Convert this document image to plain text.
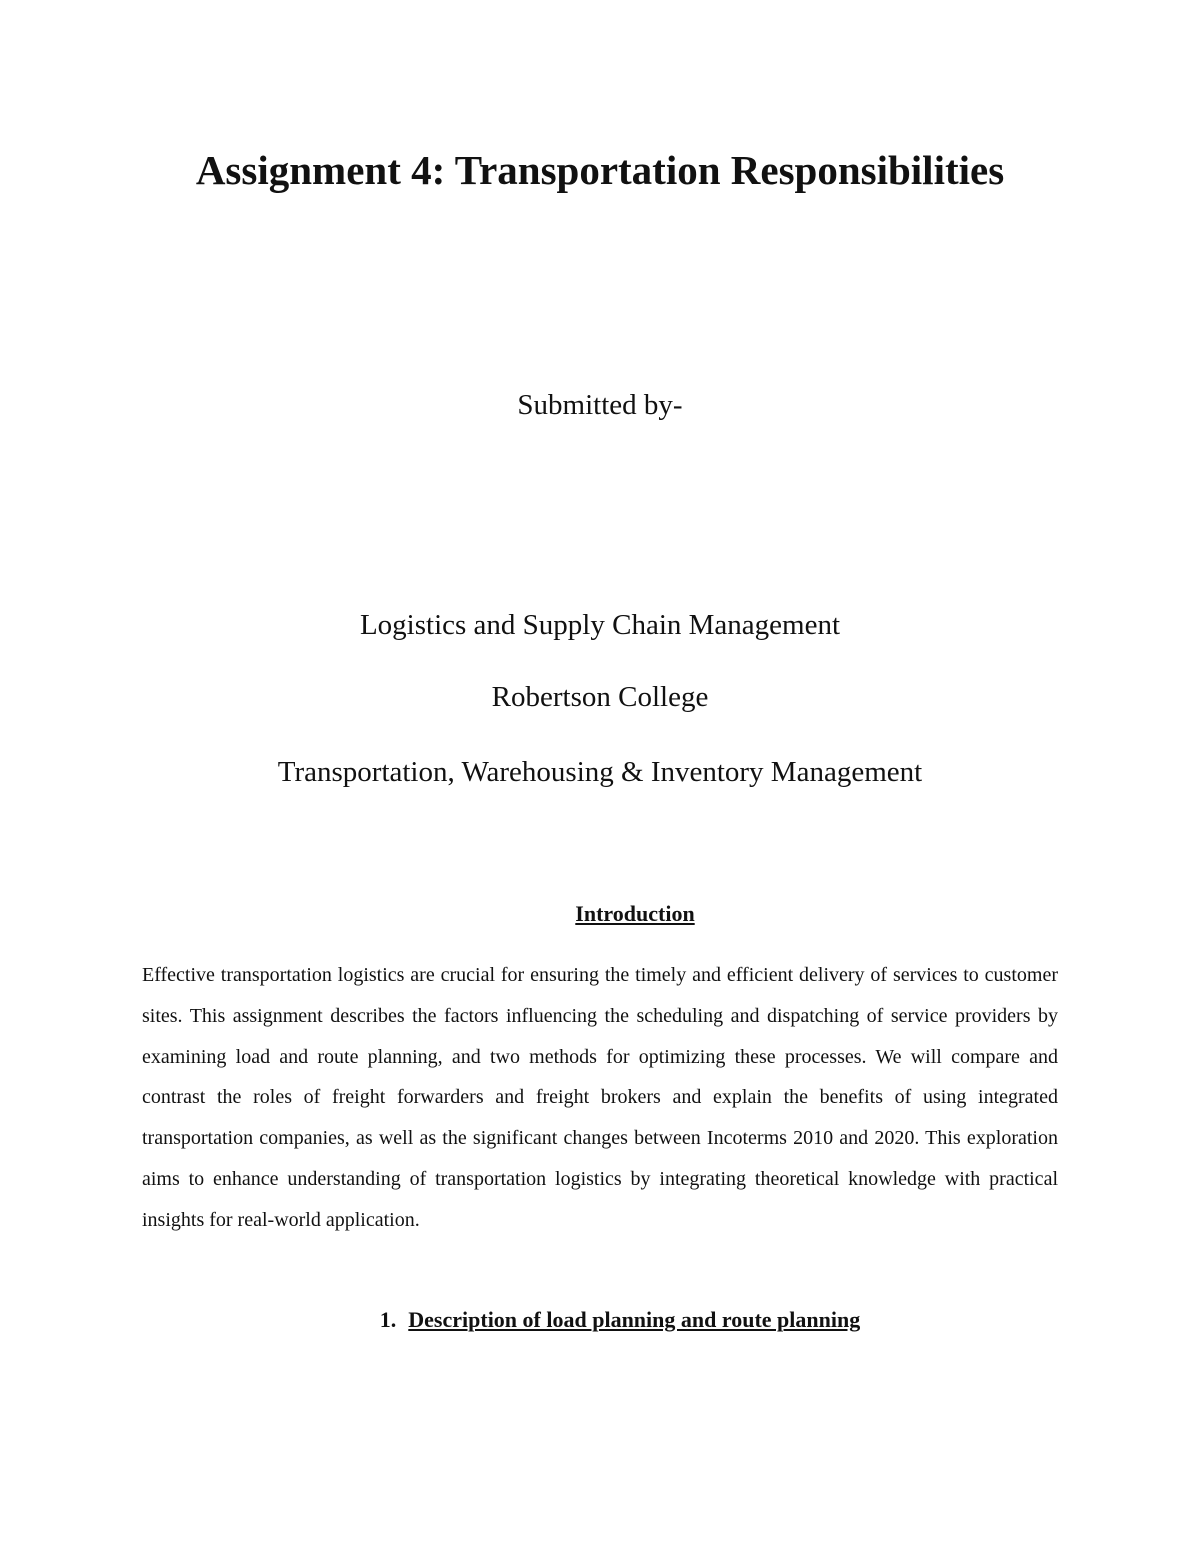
Assignment 4: Transportation Responsibilities
Submitted by-
Logistics and Supply Chain Management
Robertson College
Transportation, Warehousing & Inventory Management
Introduction

Effective transportation logistics are crucial for ensuring the timely and efficient delivery of services to customer sites. This assignment describes the factors influencing the scheduling and dispatching of service providers by examining load and route planning, and two methods for optimizing these processes. We will compare and contrast the roles of freight forwarders and freight brokers and explain the benefits of using integrated transportation companies, as well as the significant changes between Incoterms 2010 and 2020. This exploration aims to enhance understanding of transportation logistics by integrating theoretical knowledge with practical insights for real-world application.

1. Description of load planning and route planning
